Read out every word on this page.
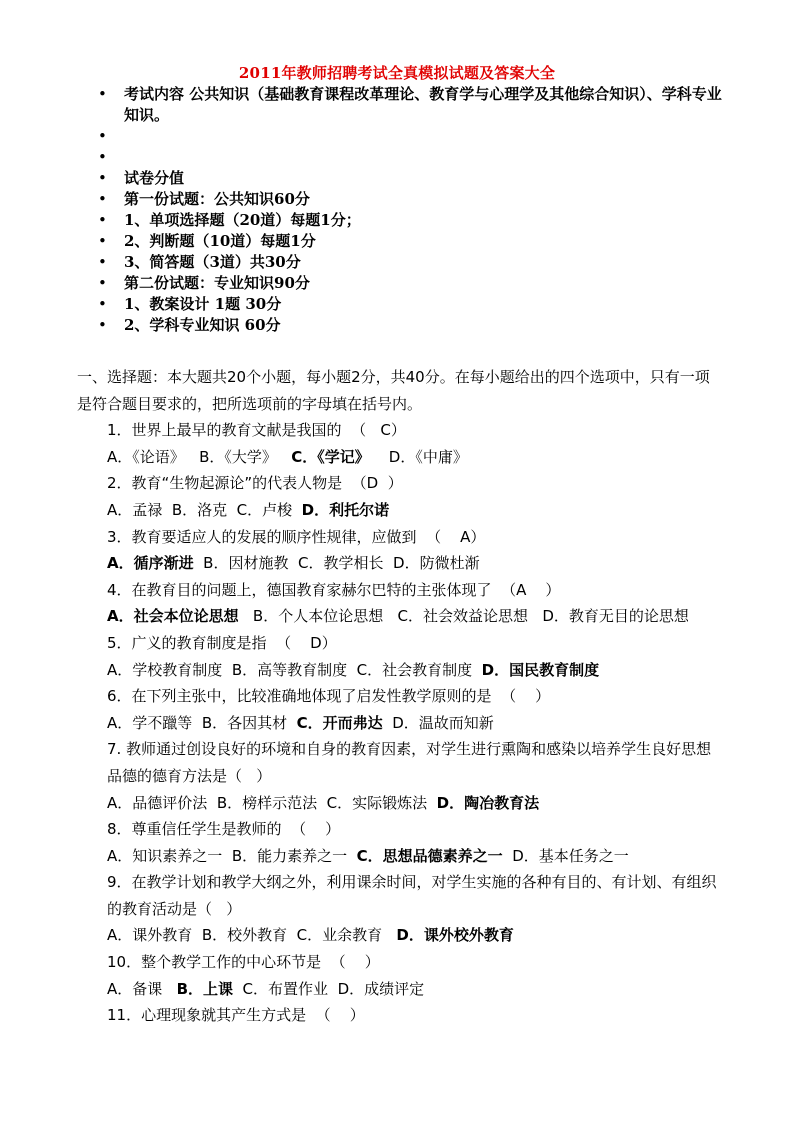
2011年教师招聘考试全真模拟试题及答案大全
• 考试内容 公共知识（基础教育课程改革理论、教育学与心理学及其他综合知识）、学科专业知识。
•
•
• 试卷分值
• 第一份试题：公共知识60分
• 1、单项选择题（20道）每题1分；
• 2、判断题（10道）每题1分
• 3、简答题（3道）共30分
• 第二份试题：专业知识90分
• 1、教案设计 1题 30分
• 2、学科专业知识 60分

一、选择题：本大题共20个小题，每小题2分，共40分。在每小题给出的四个选项中，只有一项是符合题目要求的，把所选项前的字母填在括号内。

1．世界上最早的教育文献是我国的  （   C）

A．《论语》   B．《大学》   C．《学记》    D．《中庸》

2．教育“生物起源论”的代表人物是  （D  ）

A．孟禄  B．洛克  C．卢梭  D．利托尔诺

3．教育要适应人的发展的顺序性规律，应做到  （    A）

A．循序渐进  B．因材施教  C．教学相长  D．防微杜渐

4．在教育目的问题上，德国教育家赫尔巴特的主张体现了  （A    ）

A．社会本位论思想   B．个人本位论思想   C．社会效益论思想   D．教育无目的论思想

5．广义的教育制度是指  （    D）

A．学校教育制度  B．高等教育制度  C．社会教育制度  D．国民教育制度

6．在下列主张中，比较准确地体现了启发性教学原则的是  （    ）

A．学不躐等  B．各因其材  C．开而弗达  D．温故而知新

7. 教师通过创设良好的环境和自身的教育因素，对学生进行熏陶和感染以培养学生良好思想品德的德育方法是（   ）

A．品德评价法  B．榜样示范法  C．实际锻炼法  D．陶冶教育法

8．尊重信任学生是教师的  （    ）

A．知识素养之一  B．能力素养之一  C．思想品德素养之一  D．基本任务之一

9．在教学计划和教学大纲之外，利用课余时间，对学生实施的各种有目的、有计划、有组织的教育活动是（   ）

A．课外教育  B．校外教育  C．业余教育   D．课外校外教育

10．整个教学工作的中心环节是  （    ）

A．备课   B．上课  C．布置作业  D．成绩评定

11．心理现象就其产生方式是  （    ）
